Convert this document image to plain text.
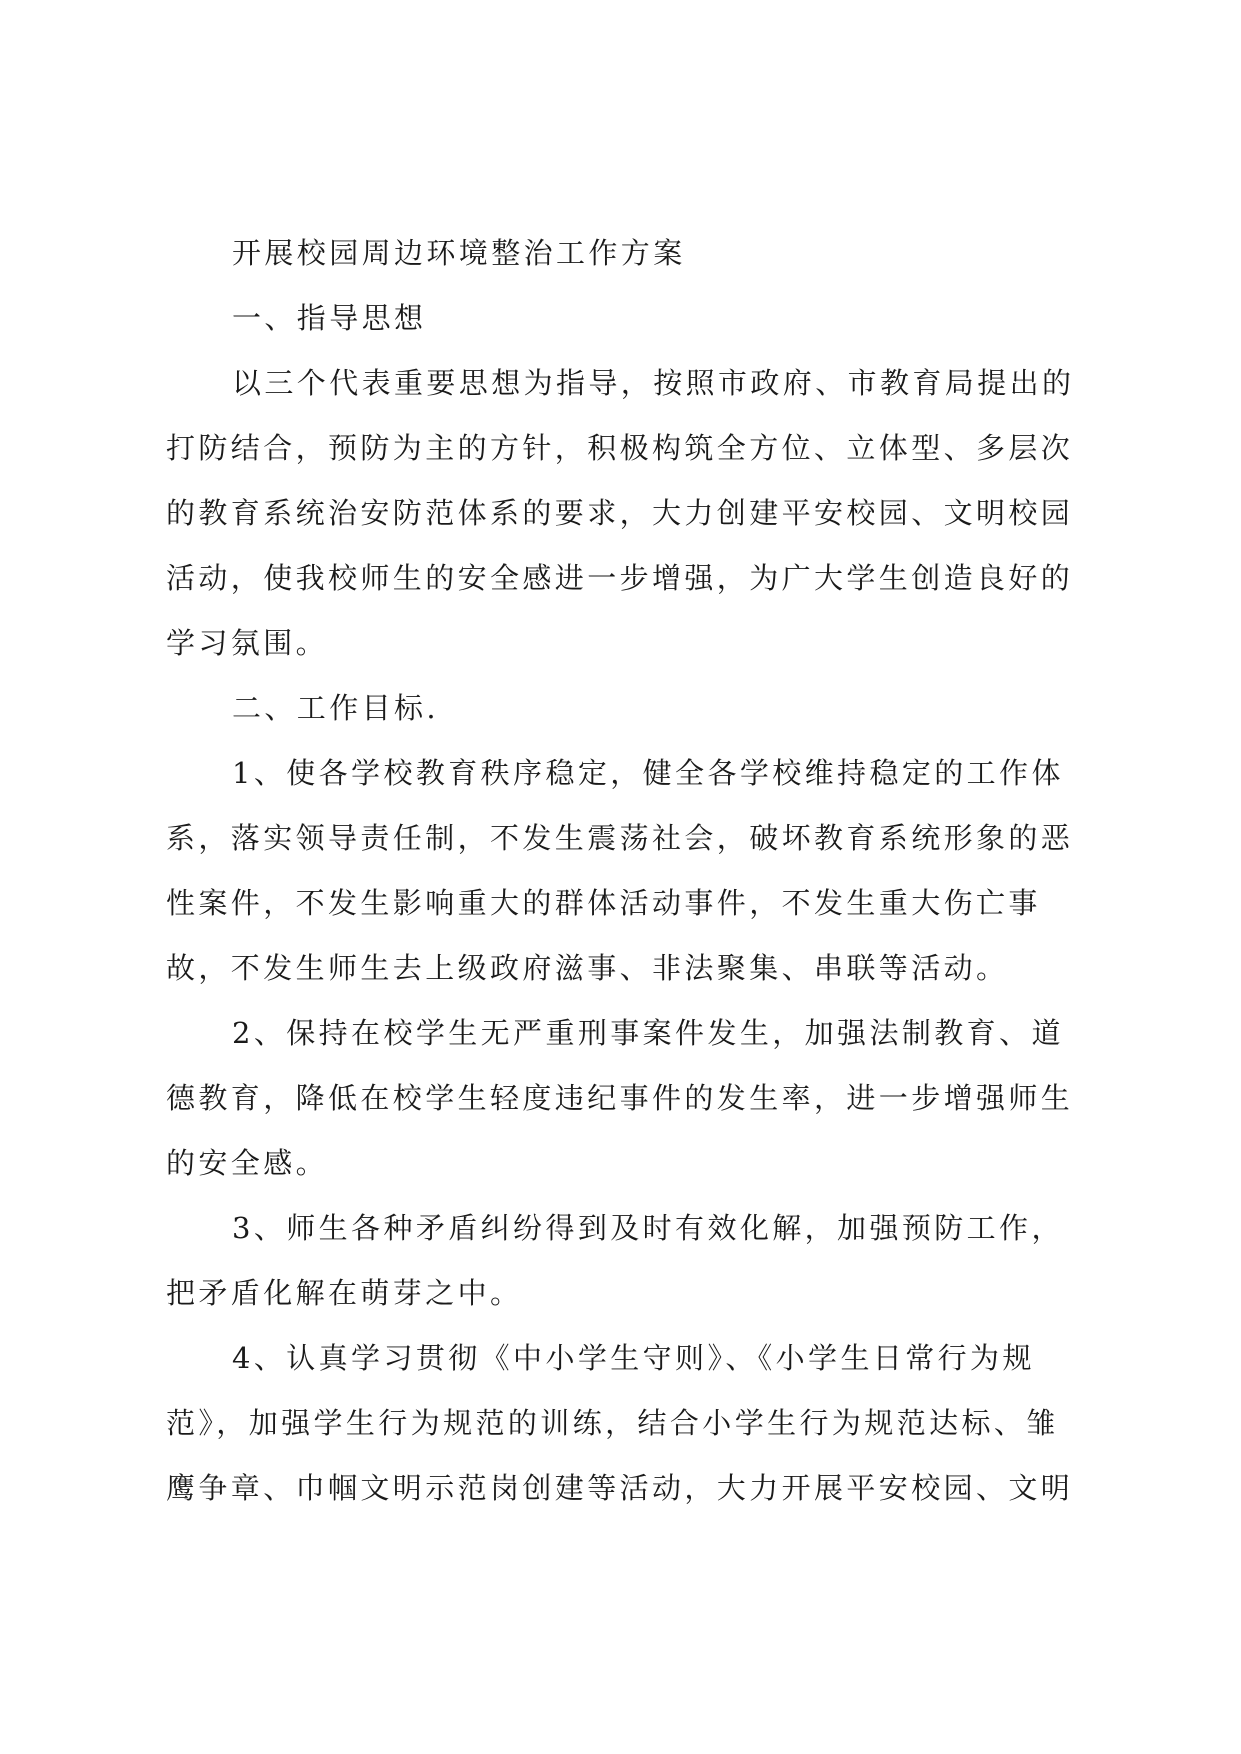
开展校园周边环境整治工作方案
一、指导思想
以三个代表重要思想为指导，按照市政府、市教育局提出的
打防结合，预防为主的方针，积极构筑全方位、立体型、多层次
的教育系统治安防范体系的要求，大力创建平安校园、文明校园
活动，使我校师生的安全感进一步增强，为广大学生创造良好的
学习氛围。
二、工作目标.
1、使各学校教育秩序稳定，健全各学校维持稳定的工作体
系，落实领导责任制，不发生震荡社会，破坏教育系统形象的恶
性案件，不发生影响重大的群体活动事件，不发生重大伤亡事
故，不发生师生去上级政府滋事、非法聚集、串联等活动。
2、保持在校学生无严重刑事案件发生，加强法制教育、道
德教育，降低在校学生轻度违纪事件的发生率，进一步增强师生
的安全感。
3、师生各种矛盾纠纷得到及时有效化解，加强预防工作，
把矛盾化解在萌芽之中。
4、认真学习贯彻《中小学生守则》、《小学生日常行为规
范》，加强学生行为规范的训练，结合小学生行为规范达标、雏
鹰争章、巾帼文明示范岗创建等活动，大力开展平安校园、文明
